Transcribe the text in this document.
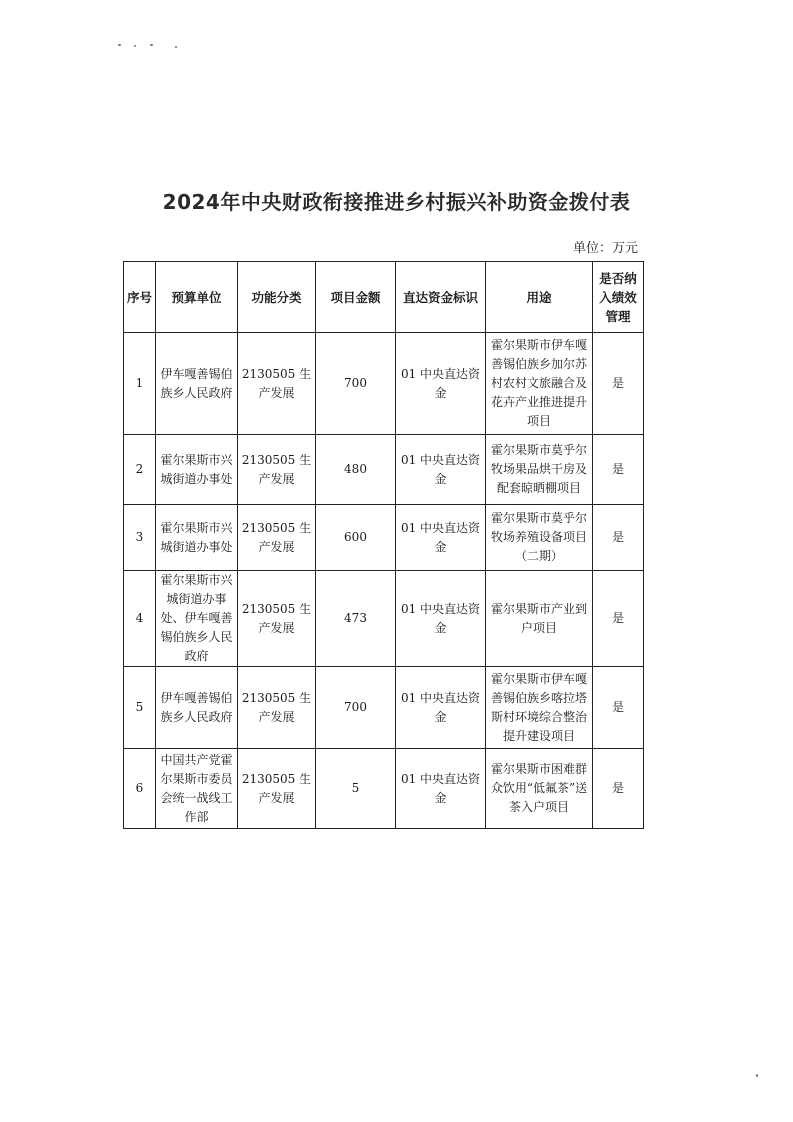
2024年中央财政衔接推进乡村振兴补助资金拨付表
单位：万元
序号	预算单位	功能分类	项目金额	直达资金标识	用途	是否纳入绩效管理
1	伊车嘎善锡伯族乡人民政府	2130505 生产发展	700	01 中央直达资金	霍尔果斯市伊车嘎善锡伯族乡加尔苏村农村文旅融合及花卉产业推进提升项目	是
2	霍尔果斯市兴城街道办事处	2130505 生产发展	480	01 中央直达资金	霍尔果斯市莫乎尔牧场果品烘干房及配套晾晒棚项目	是
3	霍尔果斯市兴城街道办事处	2130505 生产发展	600	01 中央直达资金	霍尔果斯市莫乎尔牧场养殖设备项目（二期）	是
4	霍尔果斯市兴城街道办事处、伊车嘎善锡伯族乡人民政府	2130505 生产发展	473	01 中央直达资金	霍尔果斯市产业到户项目	是
5	伊车嘎善锡伯族乡人民政府	2130505 生产发展	700	01 中央直达资金	霍尔果斯市伊车嘎善锡伯族乡喀拉塔斯村环境综合整治提升建设项目	是
6	中国共产党霍尔果斯市委员会统一战线工作部	2130505 生产发展	5	01 中央直达资金	霍尔果斯市困难群众饮用“低氟茶”送茶入户项目	是
